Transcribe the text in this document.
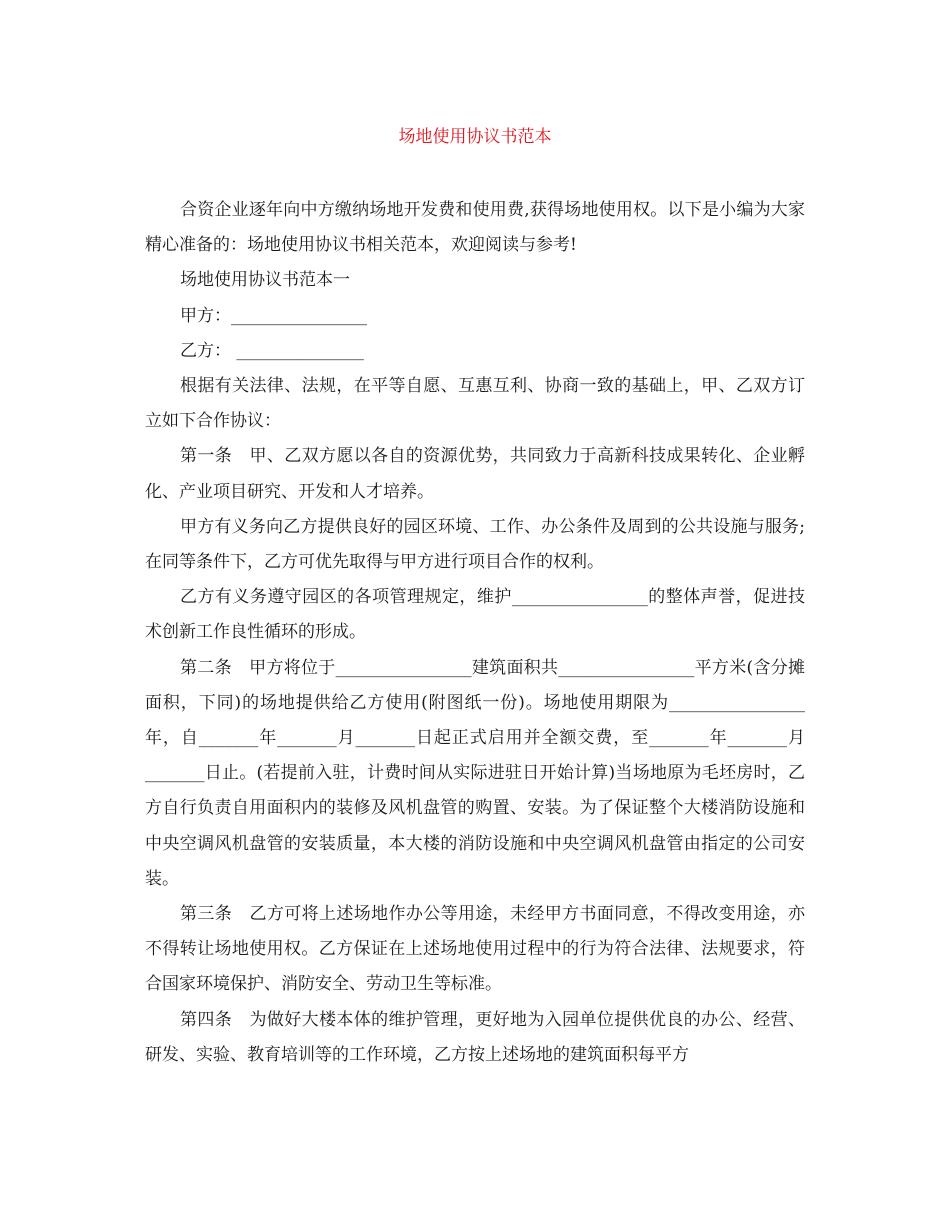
场地使用协议书范本

合资企业逐年向中方缴纳场地开发费和使用费,获得场地使用权。以下是小编为大家精心准备的：场地使用协议书相关范本，欢迎阅读与参考!

场地使用协议书范本一

甲方：________________

乙方： _______________

根据有关法律、法规，在平等自愿、互惠互利、协商一致的基础上，甲、乙双方订立如下合作协议：

第一条　甲、乙双方愿以各自的资源优势，共同致力于高新科技成果转化、企业孵化、产业项目研究、开发和人才培养。

甲方有义务向乙方提供良好的园区环境、工作、办公条件及周到的公共设施与服务;在同等条件下，乙方可优先取得与甲方进行项目合作的权利。

乙方有义务遵守园区的各项管理规定，维护________________的整体声誉，促进技术创新工作良性循环的形成。

第二条　甲方将位于________________建筑面积共________________平方米(含分摊面积，下同)的场地提供给乙方使用(附图纸一份)。场地使用期限为________________年，自_______年_______月_______日起正式启用并全额交费，至_______年_______月_______日止。(若提前入驻，计费时间从实际进驻日开始计算)当场地原为毛坯房时，乙方自行负责自用面积内的装修及风机盘管的购置、安装。为了保证整个大楼消防设施和中央空调风机盘管的安装质量，本大楼的消防设施和中央空调风机盘管由指定的公司安装。

第三条　乙方可将上述场地作办公等用途，未经甲方书面同意，不得改变用途，亦不得转让场地使用权。乙方保证在上述场地使用过程中的行为符合法律、法规要求，符合国家环境保护、消防安全、劳动卫生等标准。

第四条　为做好大楼本体的维护管理，更好地为入园单位提供优良的办公、经营、研发、实验、教育培训等的工作环境，乙方按上述场地的建筑面积每平方
